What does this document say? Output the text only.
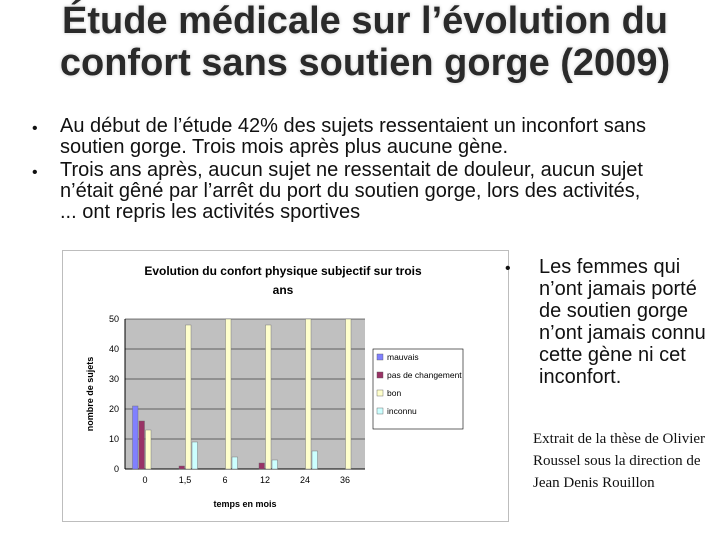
Étude médicale sur l’évolution du confort sans soutien gorge (2009)
• Au début de l’étude 42% des sujets ressentaient un inconfort sans soutien gorge. Trois mois après plus aucune gène.
• Trois ans après, aucun sujet ne ressentait de douleur, aucun sujet n’était gêné par l’arrêt du port du soutien gorge, lors des activités, ... ont repris les activités sportives
Evolution du confort physique subjectif sur trois
ans
0
10
20
30
40
50
0	1,5	6	12	24	36
temps en mois
nombre de sujets	mauvais
pas de changement
bon
inconnu
•	Les femmes qui n’ont jamais porté de soutien gorge n’ont jamais connu cette gène ni cet inconfort.
Extrait de la thèse de Olivier Roussel sous la direction de Jean Denis Rouillon
